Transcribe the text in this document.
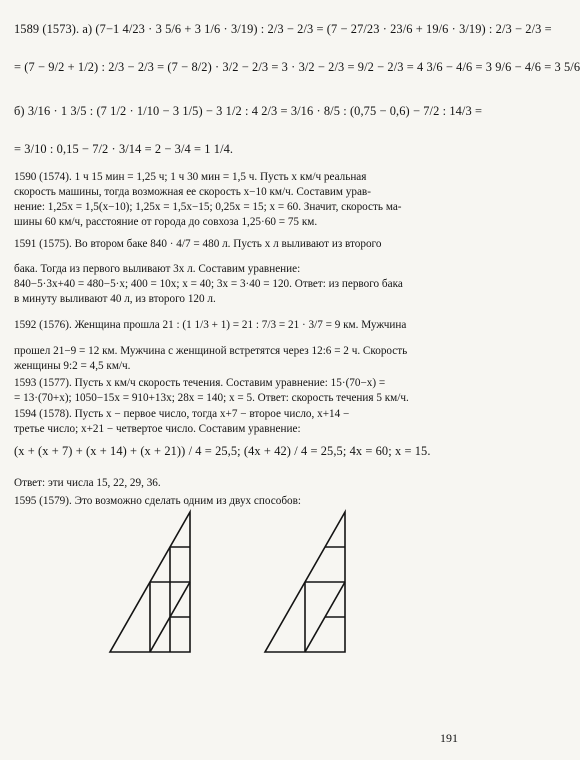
1589 (1573). а) (7−1 4/23 · 3 5/6 + 3 1/6 · 3/19) : 2/3 − 2/3 = (7 − 27/23 · 23/6 + 19/6 · 3/19) : 2/3 − 2/3 =
= (7 − 9/2 + 1/2) : 2/3 − 2/3 = (7 − 8/2) · 3/2 − 2/3 = 3 · 3/2 − 2/3 = 9/2 − 2/3 = 4 3/6 − 4/6 = 3 9/6 − 4/6 = 3 5/6
б) 3/16 · 1 3/5 : (7 1/2 · 1/10 − 3 1/5) − 3 1/2 : 4 2/3 = 3/16 · 8/5 : (0,75 − 0,6) − 7/2 : 14/3 =
= 3/10 : 0,15 − 7/2 · 3/14 = 2 − 3/4 = 1 1/4.
1590 (1574). 1 ч 15 мин = 1,25 ч; 1 ч 30 мин = 1,5 ч. Пусть x км/ч реальная
скорость машины, тогда возможная ее скорость x−10 км/ч. Составим урав-
нение: 1,25x = 1,5(x−10); 1,25x = 1,5x−15; 0,25x = 15; x = 60. Значит, скорость ма-
шины 60 км/ч, расстояние от города до совхоза 1,25·60 = 75 км.
1591 (1575). Во втором баке 840 · 4/7 = 480 л. Пусть x л выливают из второго
бака. Тогда из первого выливают 3x л. Составим уравнение:
840−5·3x+40 = 480−5·x; 400 = 10x; x = 40; 3x = 3·40 = 120. Ответ: из первого бака
в минуту выливают 40 л, из второго 120 л.
1592 (1576). Женщина прошла 21 : (1 1/3 + 1) = 21 : 7/3 = 21 · 3/7 = 9 км. Мужчина
прошел 21−9 = 12 км. Мужчина с женщиной встретятся через 12:6 = 2 ч. Скорость
женщины 9:2 = 4,5 км/ч.
1593 (1577). Пусть x км/ч скорость течения. Составим уравнение: 15·(70−x) =
= 13·(70+x); 1050−15x = 910+13x; 28x = 140; x = 5. Ответ: скорость течения 5 км/ч.
1594 (1578). Пусть x − первое число, тогда x+7 − второе число, x+14 −
третье число; x+21 − четвертое число. Составим уравнение:
(x + (x + 7) + (x + 14) + (x + 21)) / 4 = 25,5; (4x + 42) / 4 = 25,5; 4x = 60; x = 15.
Ответ: эти числа 15, 22, 29, 36.
1595 (1579). Это возможно сделать одним из двух способов:
191
